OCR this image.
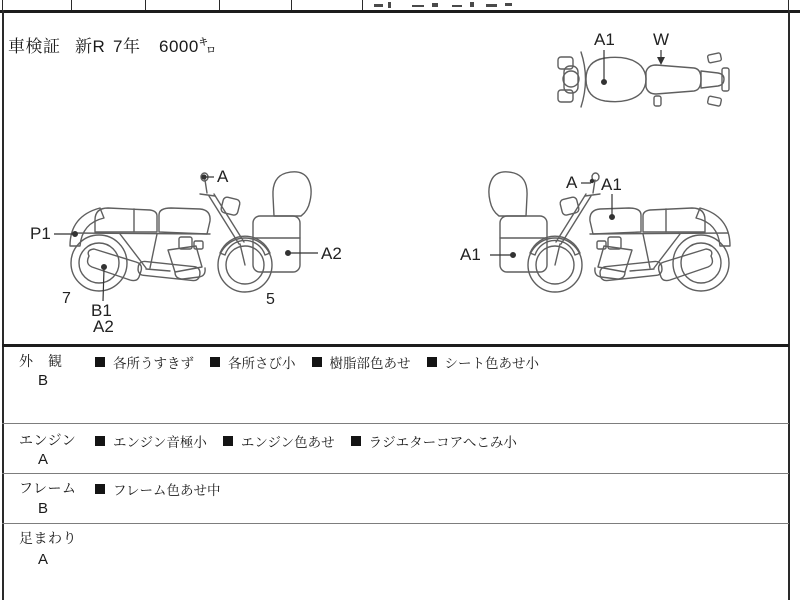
車検証 新R 7年 6000㌔	A1 W
A
P1
A2
7	5
B1
A2
A1
A A1
外　観
B
各所うすきず	各所さび小	樹脂部色あせ	シート色あせ小
エンジン
A
エンジン音極小	エンジン色あせ	ラジエターコアへこみ小
フレーム
B
フレーム色あせ中
足まわり
A
